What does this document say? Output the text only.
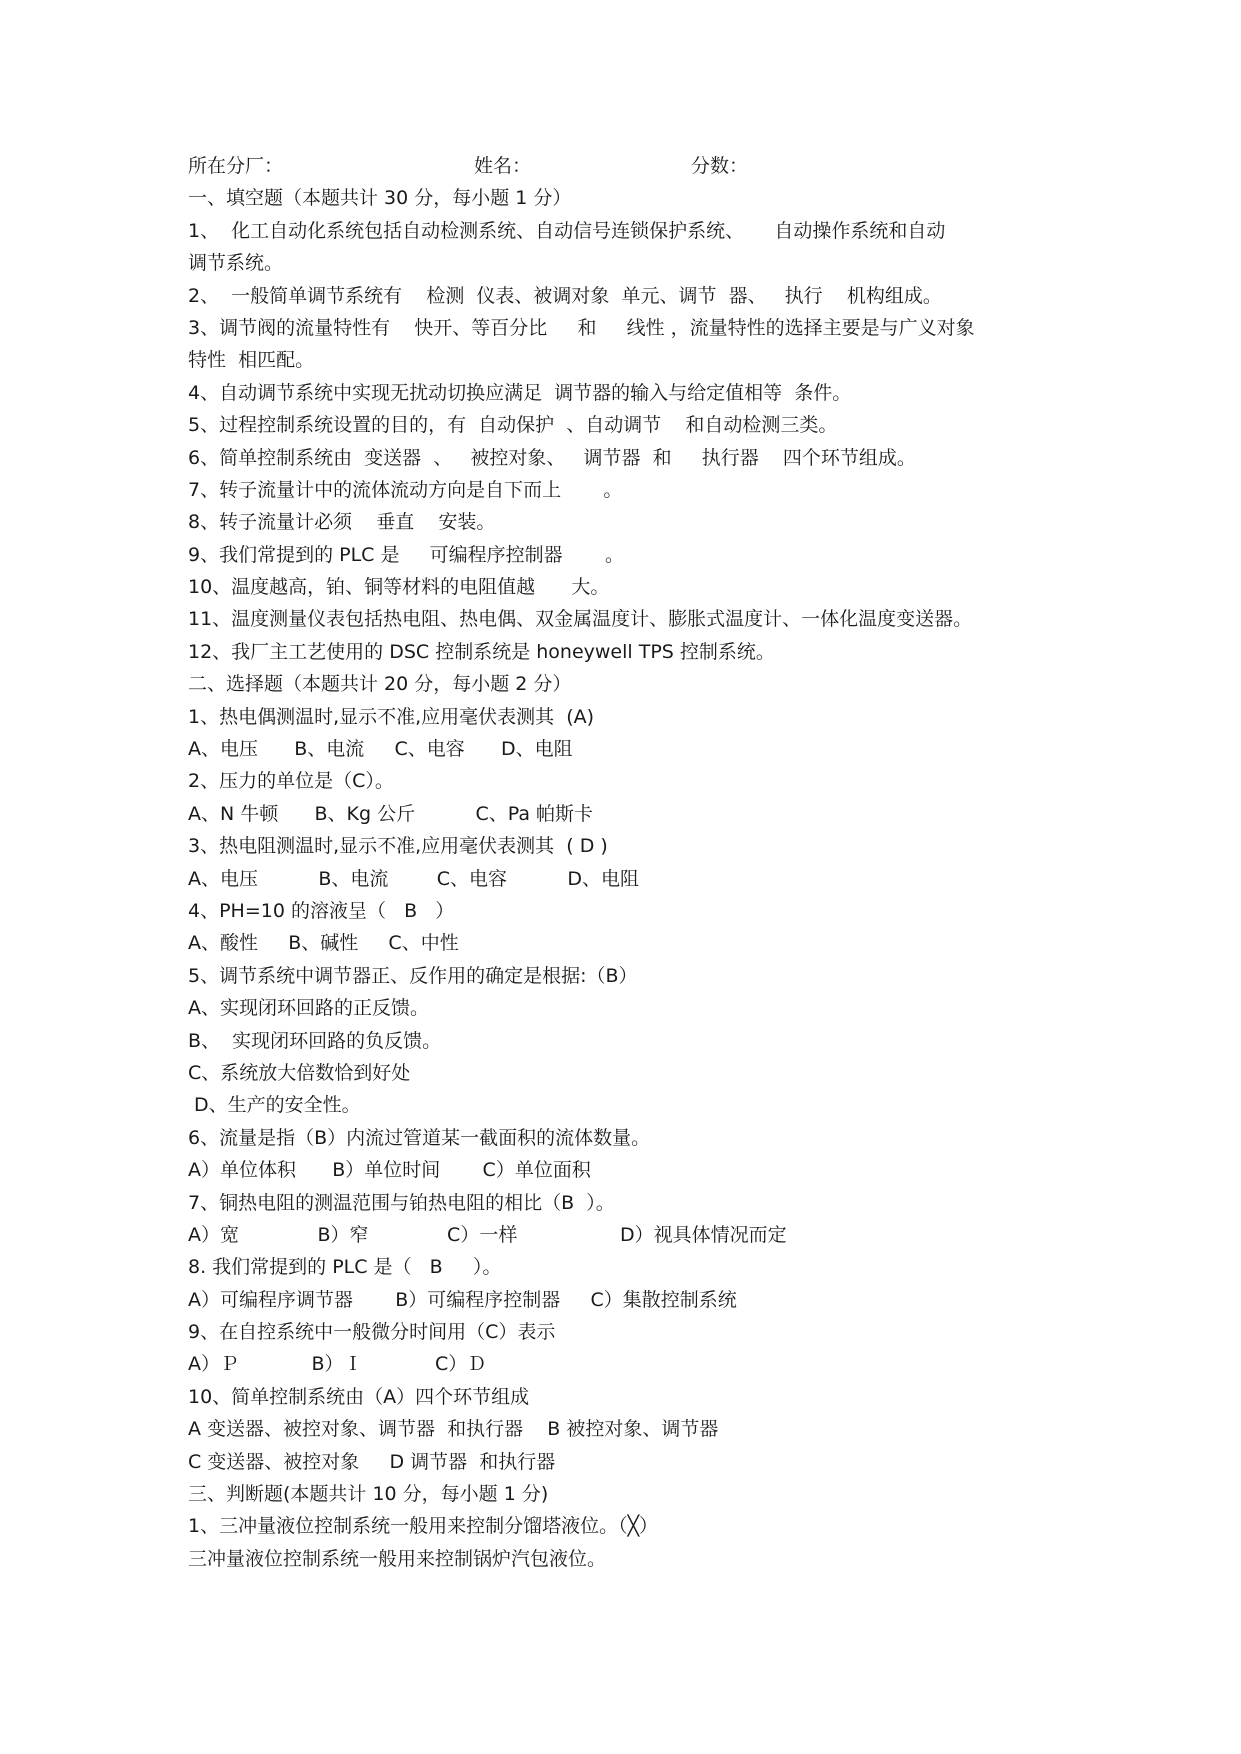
所在分厂：	姓名：	分数：
一、填空题（本题共计 30 分，每小题 1 分）
1、  化工自动化系统包括自动检测系统、自动信号连锁保护系统、     自动操作系统和自动
调节系统。
2、  一般简单调节系统有    检测  仪表、被调对象  单元、调节  器、   执行    机构组成。
3、调节阀的流量特性有    快开、等百分比     和     线性 ，流量特性的选择主要是与广义对象
特性  相匹配。
4、自动调节系统中实现无扰动切换应满足  调节器的输入与给定值相等  条件。
5、过程控制系统设置的目的，有  自动保护  、自动调节    和自动检测三类。
6、简单控制系统由  变送器  、   被控对象、   调节器  和     执行器    四个环节组成。
7、转子流量计中的流体流动方向是自下而上       。
8、转子流量计必须    垂直    安装。
9、我们常提到的 PLC 是     可编程序控制器       。
10、温度越高，铂、铜等材料的电阻值越      大。
11、温度测量仪表包括热电阻、热电偶、双金属温度计、膨胀式温度计、一体化温度变送器。
12、我厂主工艺使用的 DSC 控制系统是 honeywell TPS 控制系统。
二、选择题（本题共计 20 分，每小题 2 分）
1、热电偶测温时,显示不准,应用毫伏表测其  (A)
A、电压      B、电流     C、电容      D、电阻
2、压力的单位是（C）。
A、N 牛顿      B、Kg 公斤          C、Pa 帕斯卡
3、热电阻测温时,显示不准,应用毫伏表测其  ( D )
A、电压          B、电流        C、电容          D、电阻
4、PH=10 的溶液呈（   B   ）
A、酸性     B、碱性     C、中性
5、调节系统中调节器正、反作用的确定是根据:（B）
A、实现闭环回路的正反馈。
B、  实现闭环回路的负反馈。
C、系统放大倍数恰到好处
D、生产的安全性。
6、流量是指（B）内流过管道某一截面积的流体数量。
A）单位体积      B）单位时间       C）单位面积
7、铜热电阻的测温范围与铂热电阻的相比（B  ）。
A）宽             B）窄             C）一样                 D）视具体情况而定
8. 我们常提到的 PLC 是（   B     ）。
A）可编程序调节器       B）可编程序控制器     C）集散控制系统
9、在自控系统中一般微分时间用（C）表示
A）Ｐ            B）Ｉ            C）Ｄ
10、简单控制系统由（A）四个环节组成
A 变送器、被控对象、调节器  和执行器    B 被控对象、调节器
C 变送器、被控对象     D 调节器  和执行器
三、判断题(本题共计 10 分，每小题 1 分)
1、三冲量液位控制系统一般用来控制分馏塔液位。（╳）
三冲量液位控制系统一般用来控制锅炉汽包液位。
